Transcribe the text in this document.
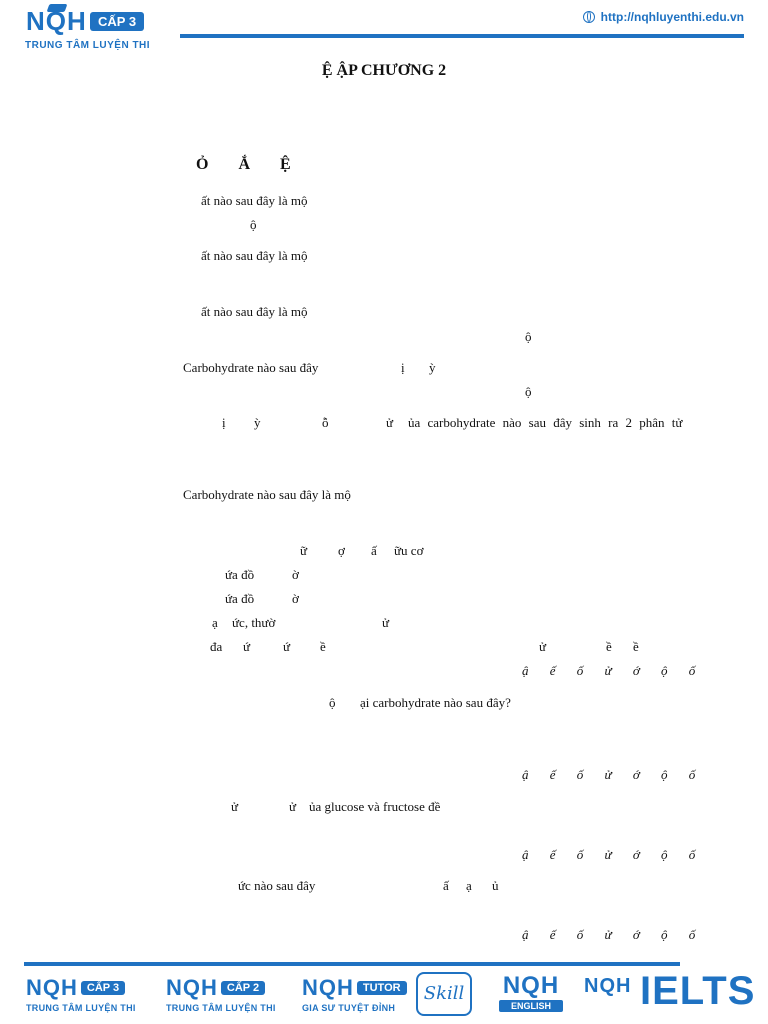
NQH CẤP 3
TRUNG TÂM LUYỆN THI
http://nqhluyenthi.edu.vn
Ệ ẬP CHƯƠNG 2
Ỏ Ắ Ệ
ất nào sau đây là mộ
ộ
ất nào sau đây là mộ
ất nào sau đây là mộ
ộ
Carbohydrate nào sau đây	ị ỳ
ộ
ị ỳ	ỗ	ử ủa carbohydrate nào sau đây sinh ra 2 phân tử
Carbohydrate nào sau đây là mộ
ữ ợ ấ ữu cơ
ứa đồ	ờ
ứa đồ	ờ
ạ ức, thườ	ử
đa ứ	ứ ề	ử	ề ề
ậ ế ố ử ớ ộ ố
ộ ại carbohydrate nào sau đây?
ậ ế ố ử ớ ộ ố
ử	ử ủa glucose và fructose đề
ậ ế ố ử ớ ộ ố
ức nào sau đây	ấ ạ ủ
ậ ế ố ử ớ ộ ố
NQH CẤP 3
TRUNG TÂM LUYỆN THI
NQH CẤP 2
TRUNG TÂM LUYỆN THI
NQH TUTOR
GIA SƯ TUYỆT ĐỈNH
Skill	NQH
ENGLISH
NQH IELTS
